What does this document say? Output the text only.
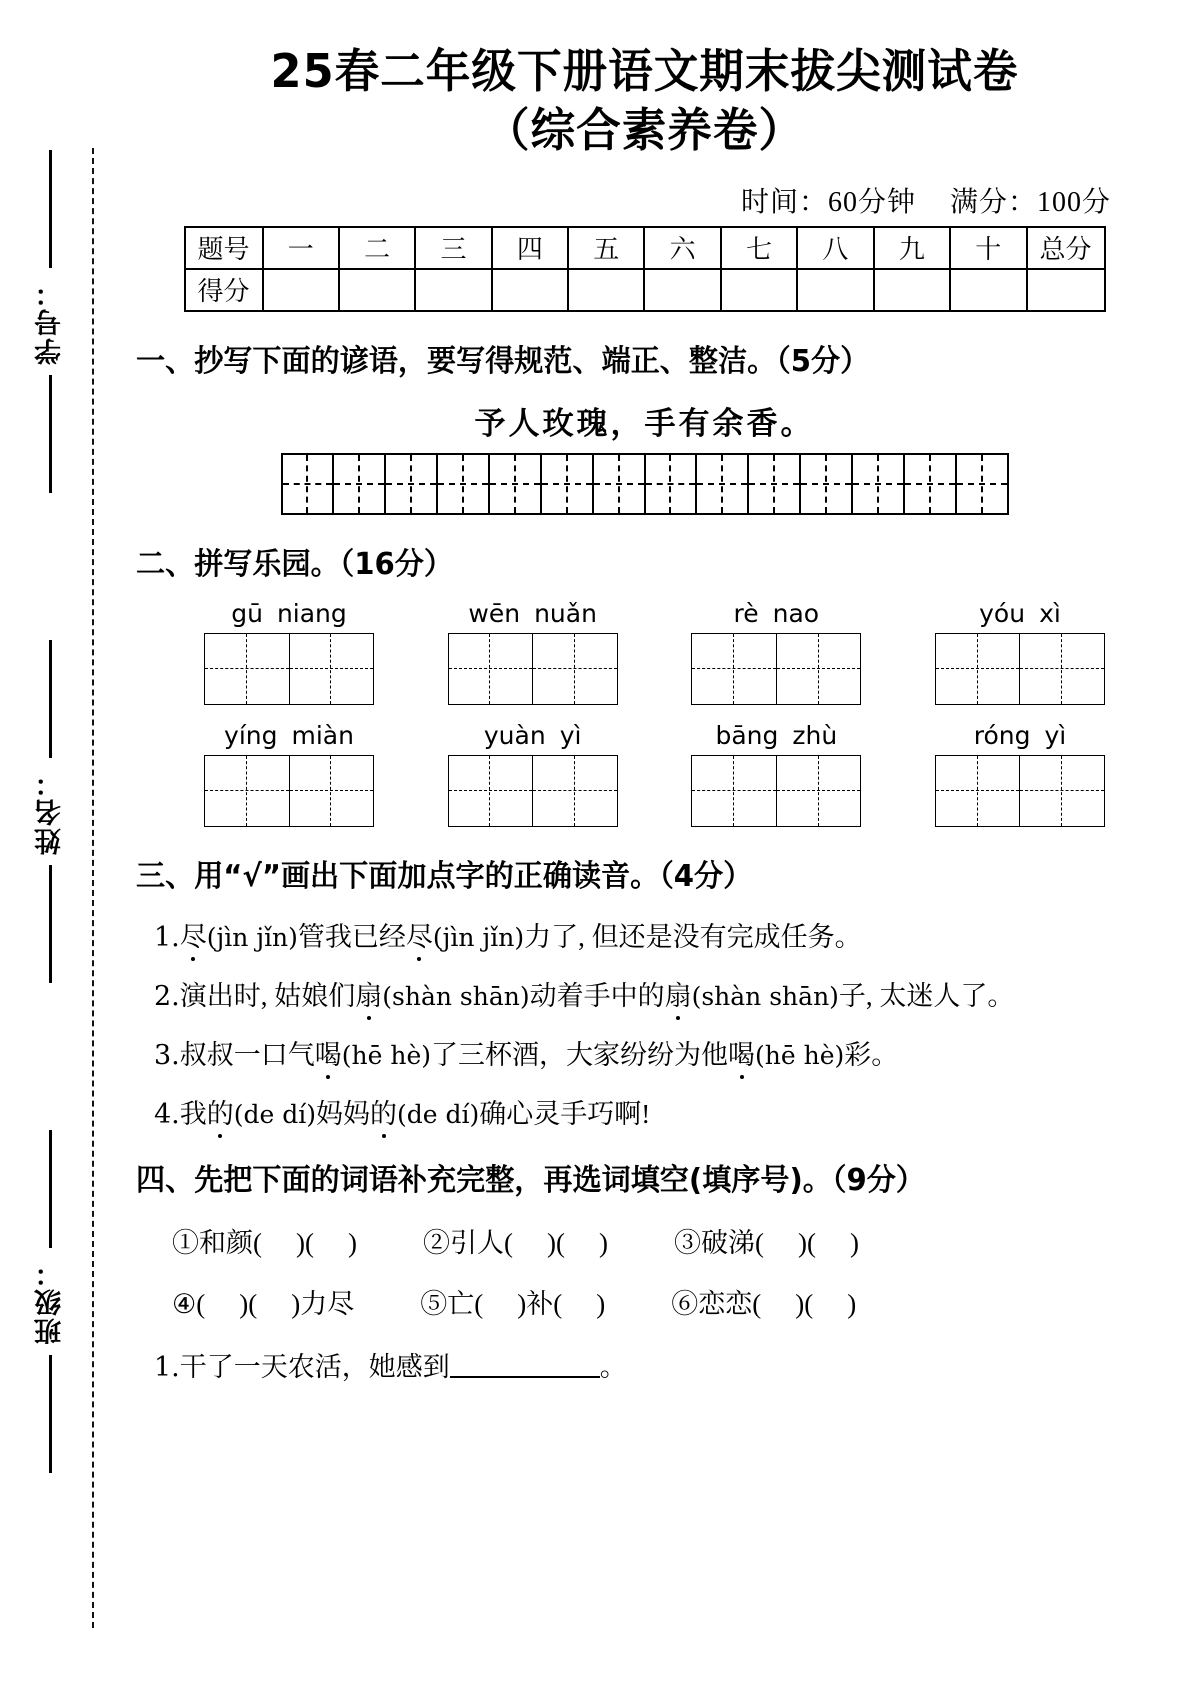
学号：
姓名：
班级：
25春二年级下册语文期末拔尖测试卷
（综合素养卷）
时间：60分钟 满分：100分
题号	一	二	三	四	五	六	七	八	九	十	总分
得分											
一、抄写下面的谚语，要写得规范、端正、整洁。（5分）
予人玫瑰，手有余香。
二、拼写乐园。（16分）
gū niang	wēn nuǎn	rè nao	yóu xì
yíng miàn	yuàn yì	bāng zhù	róng yì
三、用“√”画出下面加点字的正确读音。（4分）
1.尽(jìn jǐn)管我已经尽(jìn jǐn)力了, 但还是没有完成任务。
2.演出时, 姑娘们扇(shàn shān)动着手中的扇(shàn shān)子, 太迷人了。
3.叔叔一口气喝(hē hè)了三杯酒，大家纷纷为他喝(hē hè)彩。
4.我的(de dí)妈妈的(de dí)确心灵手巧啊!
四、先把下面的词语补充完整，再选词填空(填序号)。（9分）
①和颜( )( ) ②引人( )( ) ③破涕( )( )
④( )( )力尽 ⑤亡( )补( ) ⑥恋恋( )( )
1.干了一天农活，她感到	。
